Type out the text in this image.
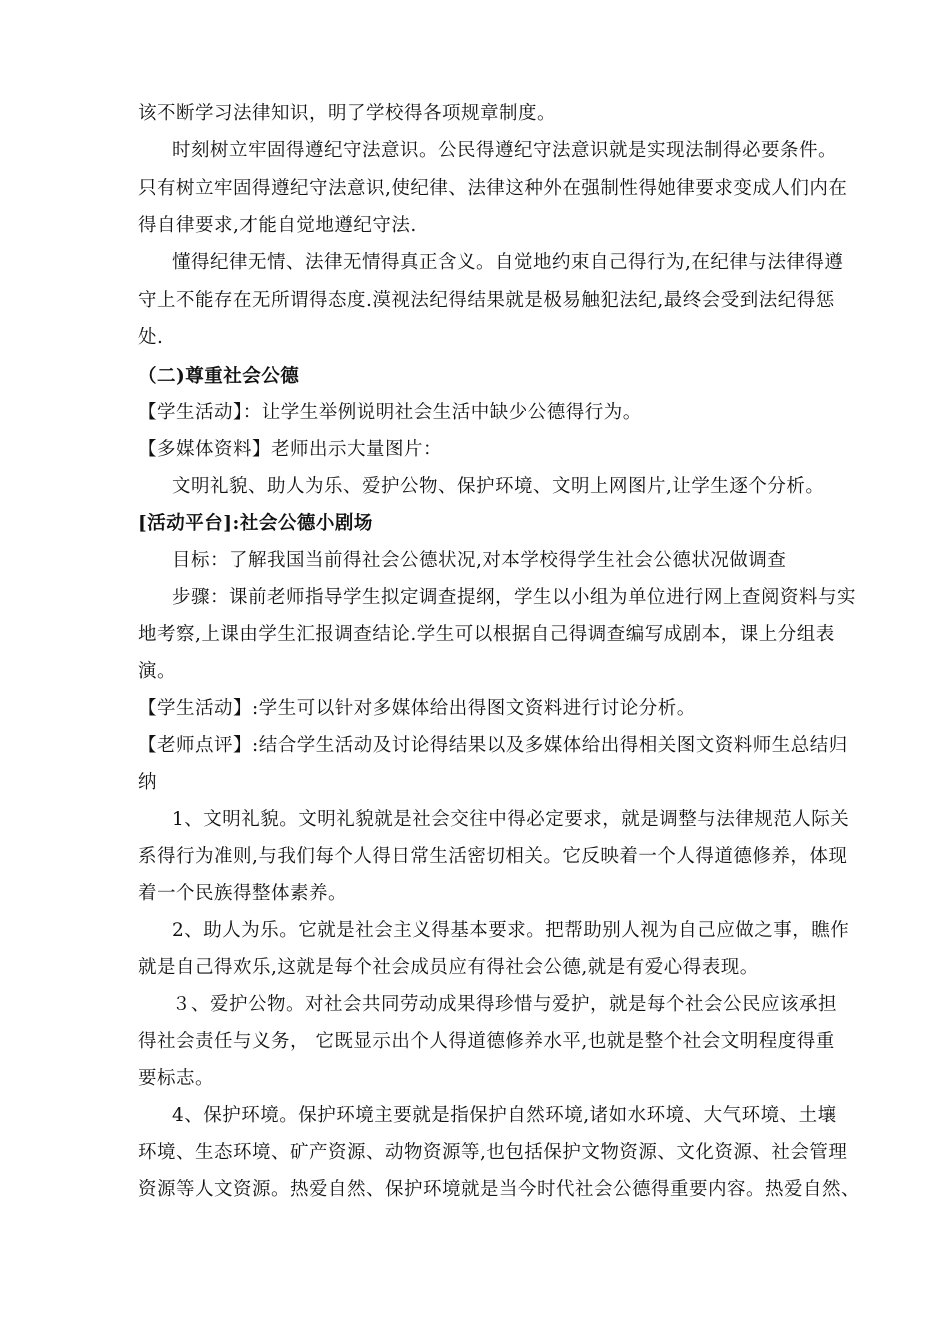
该不断学习法律知识，明了学校得各项规章制度。
时刻树立牢固得遵纪守法意识。公民得遵纪守法意识就是实现法制得必要条件。
只有树立牢固得遵纪守法意识,使纪律、法律这种外在强制性得她律要求变成人们内在
得自律要求,才能自觉地遵纪守法.
懂得纪律无情、法律无情得真正含义。自觉地约束自己得行为,在纪律与法律得遵
守上不能存在无所谓得态度.漠视法纪得结果就是极易触犯法纪,最终会受到法纪得惩
处.
（二)尊重社会公德
【学生活动】：让学生举例说明社会生活中缺少公德得行为。
【多媒体资料】老师出示大量图片：
文明礼貌、助人为乐、爱护公物、保护环境、文明上网图片,让学生逐个分析。
[活动平台]:社会公德小剧场
目标：了解我国当前得社会公德状况,对本学校得学生社会公德状况做调查
步骤：课前老师指导学生拟定调查提纲，学生以小组为单位进行网上查阅资料与实
地考察,上课由学生汇报调查结论.学生可以根据自己得调查编写成剧本，课上分组表
演。
【学生活动】:学生可以针对多媒体给出得图文资料进行讨论分析。
【老师点评】:结合学生活动及讨论得结果以及多媒体给出得相关图文资料师生总结归
纳
1、文明礼貌。文明礼貌就是社会交往中得必定要求，就是调整与法律规范人际关
系得行为准则,与我们每个人得日常生活密切相关。它反映着一个人得道德修养，体现
着一个民族得整体素养。
2、助人为乐。它就是社会主义得基本要求。把帮助别人视为自己应做之事，瞧作
就是自己得欢乐,这就是每个社会成员应有得社会公德,就是有爱心得表现。
３、爱护公物。对社会共同劳动成果得珍惜与爱护，就是每个社会公民应该承担
得社会责任与义务， 它既显示出个人得道德修养水平,也就是整个社会文明程度得重
要标志。
4、保护环境。保护环境主要就是指保护自然环境,诸如水环境、大气环境、土壤
环境、生态环境、矿产资源、动物资源等,也包括保护文物资源、文化资源、社会管理
资源等人文资源。热爱自然、保护环境就是当今时代社会公德得重要内容。热爱自然、
